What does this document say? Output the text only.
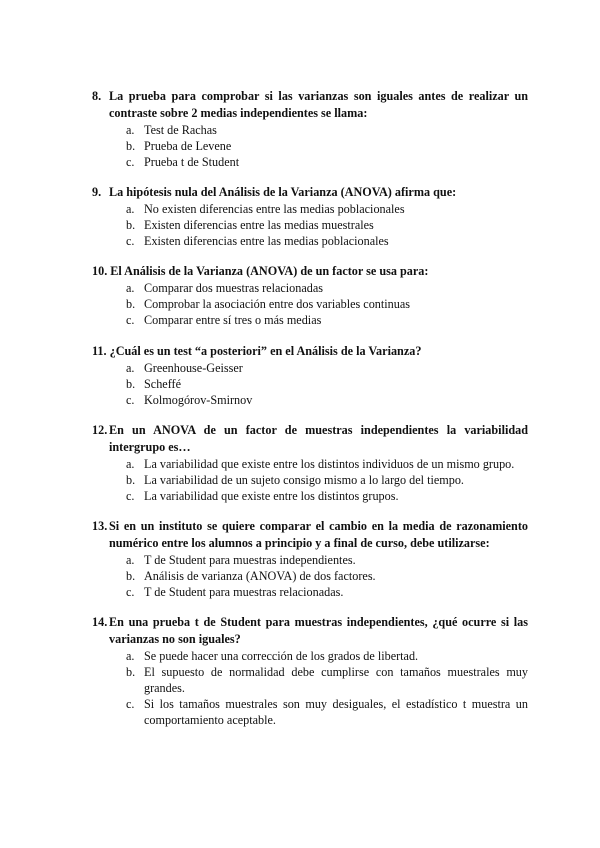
8. La prueba para comprobar si las varianzas son iguales antes de realizar un contraste sobre 2 medias independientes se llama:

a. Test de Rachas
b. Prueba de Levene
c. Prueba t de Student

9. La hipótesis nula del Análisis de la Varianza (ANOVA) afirma que:

a. No existen diferencias entre las medias poblacionales
b. Existen diferencias entre las medias muestrales
c. Existen diferencias entre las medias poblacionales

10. El Análisis de la Varianza (ANOVA) de un factor se usa para:

a. Comparar dos muestras relacionadas
b. Comprobar la asociación entre dos variables continuas
c. Comparar entre sí tres o más medias

11. ¿Cuál es un test “a posteriori” en el Análisis de la Varianza?

a. Greenhouse-Geisser
b. Scheffé
c. Kolmogórov-Smirnov

12. En un ANOVA de un factor de muestras independientes la variabilidad intergrupo es…

a. La variabilidad que existe entre los distintos individuos de un mismo grupo.
b. La variabilidad de un sujeto consigo mismo a lo largo del tiempo.
c. La variabilidad que existe entre los distintos grupos.

13. Si en un instituto se quiere comparar el cambio en la media de razonamiento numérico entre los alumnos a principio y a final de curso, debe utilizarse:

a. T de Student para muestras independientes.
b. Análisis de varianza (ANOVA) de dos factores.
c. T de Student para muestras relacionadas.

14. En una prueba t de Student para muestras independientes, ¿qué ocurre si las varianzas no son iguales?

a. Se puede hacer una corrección de los grados de libertad.
b. El supuesto de normalidad debe cumplirse con tamaños muestrales muy grandes.
c. Si los tamaños muestrales son muy desiguales, el estadístico t muestra un comportamiento aceptable.
